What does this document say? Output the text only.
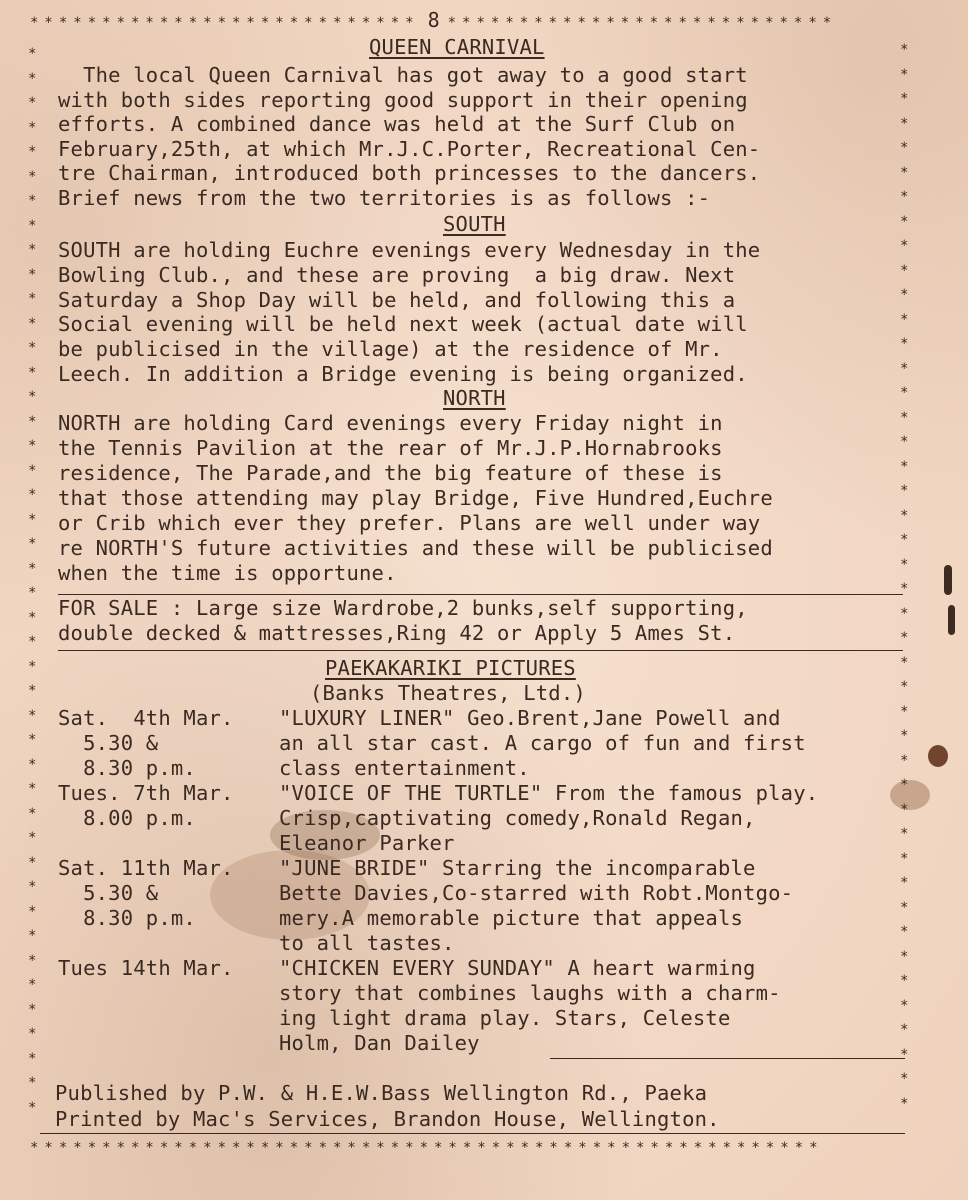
*************************** 8 ***************************
*******************************************************
*
*
*
*
*
*
*
*
*
*
*
*
*
*
*
*
*
*
*
*
*
*
*
*
*
*
*
*
*
*
*
*
*
*
*
*
*
*
*
*
*
*
*
*
*
*
*
*
*
*
*
*
*
*
*
*
*
*
*
*
*
*
*
*
*
*
*
*
*
*
*
*
*
*
*
*
*
*
*
*
*
*
*
*
*
*
*
*
QUEEN CARNIVAL
The local Queen Carnival has got away to a good start
with both sides reporting good support in their opening
efforts. A combined dance was held at the Surf Club on
February,25th, at which Mr.J.C.Porter, Recreational Cen-
tre Chairman, introduced both princesses to the dancers.
Brief news from the two territories is as follows :-
SOUTH
SOUTH are holding Euchre evenings every Wednesday in the
Bowling Club., and these are proving  a big draw. Next
Saturday a Shop Day will be held, and following this a
Social evening will be held next week (actual date will
be publicised in the village) at the residence of Mr.
Leech. In addition a Bridge evening is being organized.
NORTH
NORTH are holding Card evenings every Friday night in
the Tennis Pavilion at the rear of Mr.J.P.Hornabrooks
residence, The Parade,and the big feature of these is
that those attending may play Bridge, Five Hundred,Euchre
or Crib which ever they prefer. Plans are well under way
re NORTH'S future activities and these will be publicised
when the time is opportune.
FOR SALE : Large size Wardrobe,2 bunks,self supporting,
double decked & mattresses,Ring 42 or Apply 5 Ames St.
PAEKAKARIKI PICTURES
(Banks Theatres, Ltd.)
Sat.  4th Mar. "LUXURY LINER" Geo.Brent,Jane Powell and
5.30 &	an all star cast. A cargo of fun and first
8.30 p.m.	class entertainment.
Tues. 7th Mar. "VOICE OF THE TURTLE" From the famous play.
8.00 p.m.	Crisp,captivating comedy,Ronald Regan,
Eleanor Parker
Sat. 11th Mar. "JUNE BRIDE" Starring the incomparable
5.30 &	Bette Davies,Co-starred with Robt.Montgo-
8.30 p.m.	mery.A memorable picture that appeals
to all tastes.
Tues 14th Mar. "CHICKEN EVERY SUNDAY" A heart warming
story that combines laughs with a charm-
ing light drama play. Stars, Celeste
Holm, Dan Dailey
Published by P.W. & H.E.W.Bass Wellington Rd., Paeka
Printed by Mac's Services, Brandon House, Wellington.
